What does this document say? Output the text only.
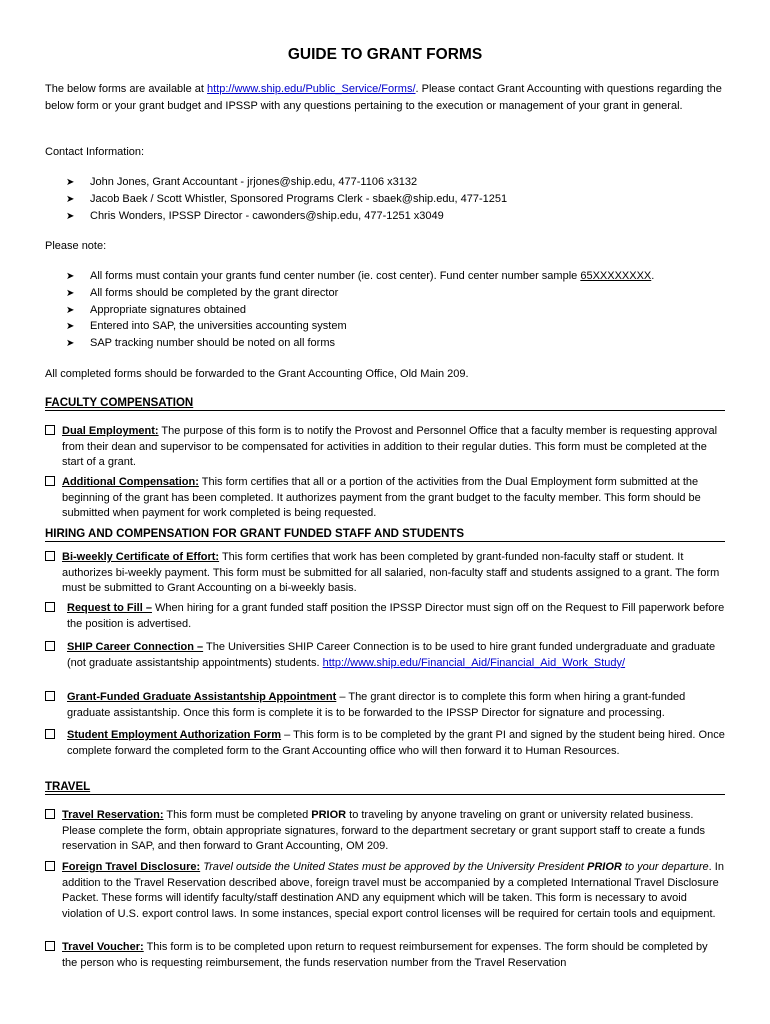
GUIDE TO GRANT FORMS
The below forms are available at http://www.ship.edu/Public_Service/Forms/. Please contact Grant Accounting with questions regarding the below form or your grant budget and IPSSP with any questions pertaining to the execution or management of your grant in general.
Contact Information:
➤ John Jones, Grant Accountant - jrjones@ship.edu, 477-1106 x3132
➤ Jacob Baek / Scott Whistler, Sponsored Programs Clerk - sbaek@ship.edu, 477-1251
➤ Chris Wonders, IPSSP Director - cawonders@ship.edu, 477-1251 x3049
Please note:
➤ All forms must contain your grants fund center number (ie. cost center). Fund center number sample 65XXXXXXXX.
➤ All forms should be completed by the grant director
➤ Appropriate signatures obtained
➤ Entered into SAP, the universities accounting system
➤ SAP tracking number should be noted on all forms
All completed forms should be forwarded to the Grant Accounting Office, Old Main 209.
FACULTY COMPENSATION
Dual Employment: The purpose of this form is to notify the Provost and Personnel Office that a faculty member is requesting approval from their dean and supervisor to be compensated for activities in addition to their regular duties. This form must be completed at the start of a grant.
Additional Compensation: This form certifies that all or a portion of the activities from the Dual Employment form submitted at the beginning of the grant has been completed. It authorizes payment from the grant budget to the faculty member. This form should be submitted when payment for work completed is being requested.
HIRING AND COMPENSATION FOR GRANT FUNDED STAFF AND STUDENTS
Bi-weekly Certificate of Effort: This form certifies that work has been completed by grant-funded non-faculty staff or student. It authorizes bi-weekly payment. This form must be submitted for all salaried, non-faculty staff and students assigned to a grant. The form must be submitted to Grant Accounting on a bi-weekly basis.
Request to Fill – When hiring for a grant funded staff position the IPSSP Director must sign off on the Request to Fill paperwork before the position is advertised.
SHIP Career Connection – The Universities SHIP Career Connection is to be used to hire grant funded undergraduate and graduate (not graduate assistantship appointments) students. http://www.ship.edu/Financial_Aid/Financial_Aid_Work_Study/
Grant-Funded Graduate Assistantship Appointment – The grant director is to complete this form when hiring a grant-funded graduate assistantship. Once this form is complete it is to be forwarded to the IPSSP Director for signature and processing.
Student Employment Authorization Form – This form is to be completed by the grant PI and signed by the student being hired. Once complete forward the completed form to the Grant Accounting office who will then forward it to Human Resources.
TRAVEL
Travel Reservation: This form must be completed PRIOR to traveling by anyone traveling on grant or university related business. Please complete the form, obtain appropriate signatures, forward to the department secretary or grant support staff to create a funds reservation in SAP, and then forward to Grant Accounting, OM 209.
Foreign Travel Disclosure: Travel outside the United States must be approved by the University President PRIOR to your departure. In addition to the Travel Reservation described above, foreign travel must be accompanied by a completed International Travel Disclosure Packet. These forms will identify faculty/staff destination AND any equipment which will be taken. This form is necessary to avoid violation of U.S. export control laws. In some instances, special export control licenses will be required for certain tools and equipment.
Travel Voucher: This form is to be completed upon return to request reimbursement for expenses. The form should be completed by the person who is requesting reimbursement, the funds reservation number from the Travel Reservation
